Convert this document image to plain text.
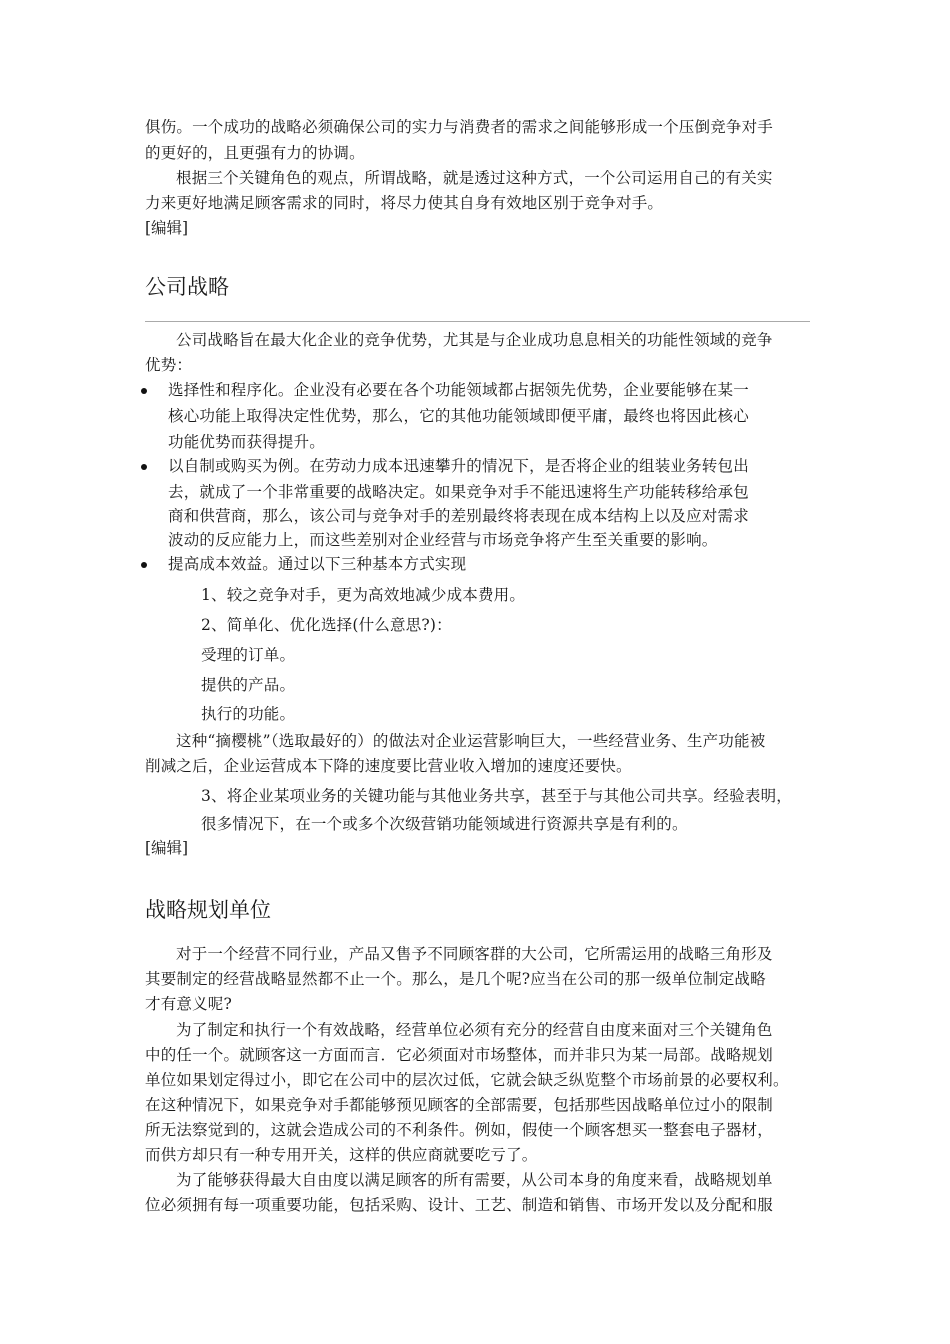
俱伤。一个成功的战略必须确保公司的实力与消费者的需求之间能够形成一个压倒竞争对手
的更好的，且更强有力的协调。
根据三个关键角色的观点，所谓战略，就是透过这种方式，一个公司运用自己的有关实
力来更好地满足顾客需求的同时，将尽力使其自身有效地区别于竞争对手。
[编辑]
公司战略
公司战略旨在最大化企业的竞争优势，尤其是与企业成功息息相关的功能性领域的竞争
优势：
选择性和程序化。企业没有必要在各个功能领域都占据领先优势，企业要能够在某一
核心功能上取得决定性优势，那么，它的其他功能领域即便平庸，最终也将因此核心
功能优势而获得提升。
以自制或购买为例。在劳动力成本迅速攀升的情况下，是否将企业的组装业务转包出
去，就成了一个非常重要的战略决定。如果竞争对手不能迅速将生产功能转移给承包
商和供营商，那么，该公司与竞争对手的差别最终将表现在成本结构上以及应对需求
波动的反应能力上，而这些差别对企业经营与市场竞争将产生至关重要的影响。
提高成本效益。通过以下三种基本方式实现
1、较之竞争对手，更为高效地减少成本费用。
2、简单化、优化选择(什么意思?)：
受理的订单。
提供的产品。
执行的功能。
这种“摘樱桃”（选取最好的）的做法对企业运营影响巨大，一些经营业务、生产功能被
削减之后，企业运营成本下降的速度要比营业收入增加的速度还要快。
3、将企业某项业务的关键功能与其他业务共享，甚至于与其他公司共享。经验表明，
很多情况下，在一个或多个次级营销功能领域进行资源共享是有利的。
[编辑]
战略规划单位
对于一个经营不同行业，产品又售予不同顾客群的大公司，它所需运用的战略三角形及
其要制定的经营战略显然都不止一个。那么，是几个呢?应当在公司的那一级单位制定战略
才有意义呢?
为了制定和执行一个有效战略，经营单位必须有充分的经营自由度来面对三个关键角色
中的任一个。就顾客这一方面而言．它必须面对市场整体，而并非只为某一局部。战略规划
单位如果划定得过小，即它在公司中的层次过低，它就会缺乏纵览整个市场前景的必要权利。
在这种情况下，如果竞争对手都能够预见顾客的全部需要，包括那些因战略单位过小的限制
所无法察觉到的，这就会造成公司的不利条件。例如，假使一个顾客想买一整套电子器材，
而供方却只有一种专用开关，这样的供应商就要吃亏了。
为了能够获得最大自由度以满足顾客的所有需要，从公司本身的角度来看，战略规划单
位必须拥有每一项重要功能，包括采购、设计、工艺、制造和销售、市场开发以及分配和服
